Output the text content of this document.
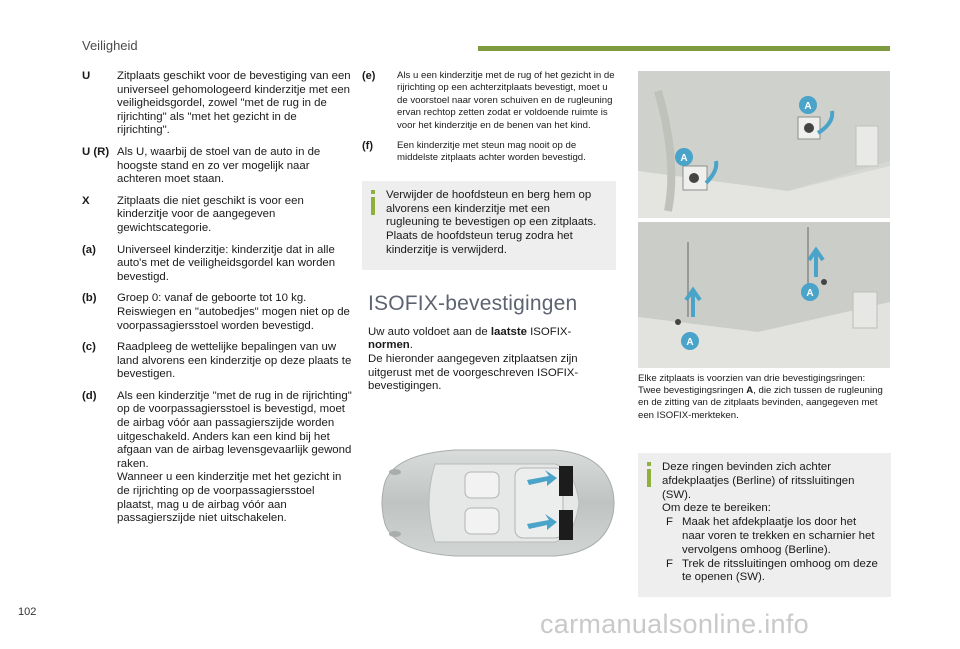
Veiligheid
U	Zitplaats geschikt voor de bevestiging van een universeel gehomologeerd kinderzitje met een veiligheidsgordel, zowel "met de rug in de rijrichting" als "met het gezicht in de rijrichting".
U (R) Als U, waarbij de stoel van de auto in de hoogste stand en zo ver mogelijk naar achteren moet staan.
X	Zitplaats die niet geschikt is voor een kinderzitje voor de aangegeven gewichtscategorie.
(a)	Universeel kinderzitje: kinderzitje dat in alle auto's met de veiligheidsgordel kan worden bevestigd.
(b)	Groep 0: vanaf de geboorte tot 10 kg. Reiswiegen en "autobedjes" mogen niet op de voorpassagiersstoel worden bevestigd.
(c)	Raadpleeg de wettelijke bepalingen van uw land alvorens een kinderzitje op deze plaats te bevestigen.
(d)	Als een kinderzitje "met de rug in de rijrichting" op de voorpassagiersstoel is bevestigd, moet de airbag vóór aan passagierszijde worden uitgeschakeld. Anders kan een kind bij het afgaan van de airbag levensgevaarlijk gewond raken.
Wanneer u een kinderzitje met het gezicht in de rijrichting op de voorpassagiersstoel plaatst, mag u de airbag vóór aan passagierszijde niet uitschakelen.
(e)	Als u een kinderzitje met de rug of het gezicht in de rijrichting op een achterzitplaats bevestigt, moet u de voorstoel naar voren schuiven en de rugleuning ervan rechtop zetten zodat er voldoende ruimte is voor het kinderzitje en de benen van het kind.
(f)	Een kinderzitje met steun mag nooit op de middelste zitplaats achter worden bevestigd.
Verwijder de hoofdsteun en berg hem op alvorens een kinderzitje met een rugleuning te bevestigen op een zitplaats. Plaats de hoofdsteun terug zodra het kinderzitje is verwijderd.
ISOFIX-bevestigingen
Uw auto voldoet aan de laatste ISOFIX-normen.
De hieronder aangegeven zitplaatsen zijn uitgerust met de voorgeschreven ISOFIX-bevestigingen.
A
A
A
A
Elke zitplaats is voorzien van drie bevestigingsringen:
Twee bevestigingsringen A, die zich tussen de rugleuning en de zitting van de zitplaats bevinden, aangegeven met een ISOFIX-merkteken.
Deze ringen bevinden zich achter afdekplaatjes (Berline) of ritssluitingen (SW).
Om deze te bereiken:
F Maak het afdekplaatje los door het naar voren te trekken en scharnier het vervolgens omhoog (Berline).
F Trek de ritssluitingen omhoog om deze te openen (SW).
102	carmanualsonline.info
